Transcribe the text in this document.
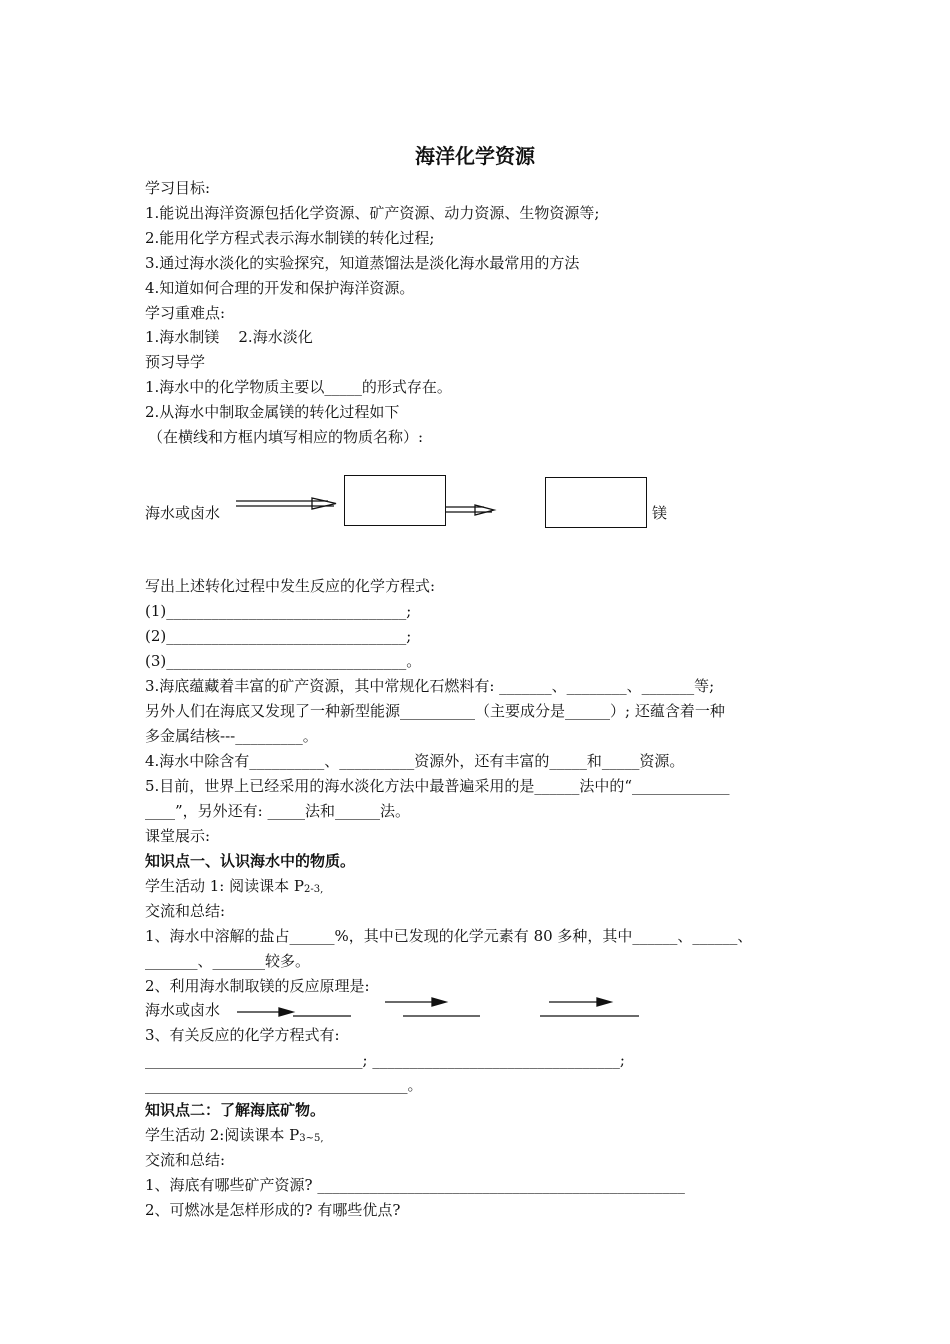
海洋化学资源
学习目标:
1.能说出海洋资源包括化学资源、矿产资源、动力资源、生物资源等;
2.能用化学方程式表示海水制镁的转化过程;
3.通过海水淡化的实验探究，知道蒸馏法是淡化海水最常用的方法
4.知道如何合理的开发和保护海洋资源。
学习重难点:
1.海水制镁    2.海水淡化
预习导学
1.海水中的化学物质主要以_____的形式存在。
2.从海水中制取金属镁的转化过程如下
（在横线和方框内填写相应的物质名称）:
海水或卤水	镁
写出上述转化过程中发生反应的化学方程式:
(1)________________________________;
(2)________________________________;
(3)________________________________。
3.海底蕴藏着丰富的矿产资源，其中常规化石燃料有: _______、________、_______等;
另外人们在海底又发现了一种新型能源__________（主要成分是______）; 还蕴含着一种
多金属结核---_________。
4.海水中除含有__________、__________资源外，还有丰富的_____和_____资源。
5.目前，世界上已经采用的海水淡化方法中最普遍采用的是______法中的“_____________
____”，另外还有: _____法和______法。
课堂展示:
知识点一、认识海水中的物质。
学生活动 1: 阅读课本 $P_{2-3,}$
交流和总结:
1、海水中溶解的盐占______%，其中已发现的化学元素有 80 多种，其中______、______、
_______、_______较多。
2、利用海水制取镁的反应原理是:
海水或卤水
3、有关反应的化学方程式有:
_____________________________; _________________________________;
___________________________________。
知识点二：了解海底矿物。
学生活动 2:阅读课本 $P_{3\sim 5,}$
交流和总结:
1、海底有哪些矿产资源? _________________________________________________
2、可燃冰是怎样形成的? 有哪些优点?
